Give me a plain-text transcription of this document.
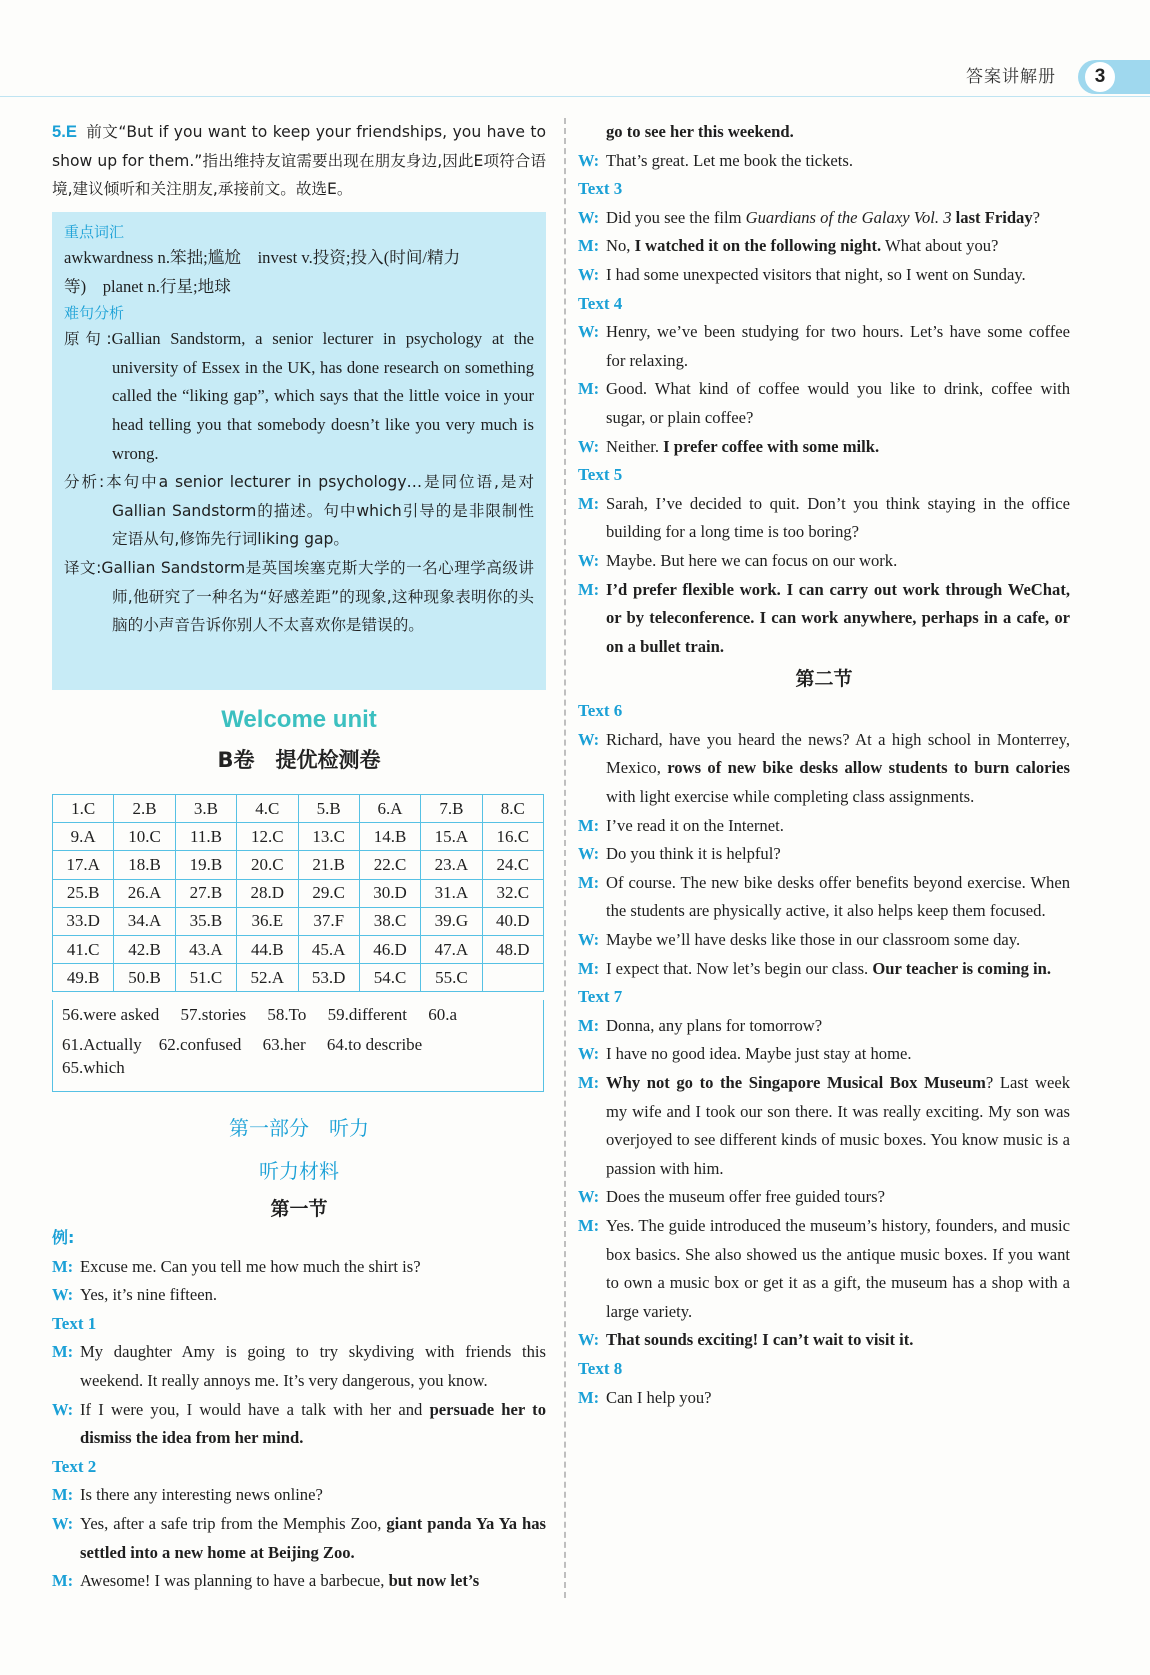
答案讲解册	3

5.E 前文“But if you want to keep your friendships, you have to show up for them.”指出维持友谊需要出现在朋友身边,因此E项符合语境,建议倾听和关注朋友,承接前文。故选E。

重点词汇
awkwardness n.笨拙;尴尬　invest v.投资;投入(时间/精力
等)　planet n.行星;地球
难句分析
原句:Gallian Sandstorm, a senior lecturer in psychology at the university of Essex in the UK, has done research on something called the “liking gap”, which says that the little voice in your head telling you that somebody doesn’t like you very much is wrong.
分析:本句中a senior lecturer in psychology…是同位语,是对Gallian Sandstorm的描述。句中which引导的是非限制性定语从句,修饰先行词liking gap。
译文:Gallian Sandstorm是英国埃塞克斯大学的一名心理学高级讲师,他研究了一种名为“好感差距”的现象,这种现象表明你的头脑的小声音告诉你别人不太喜欢你是错误的。
Welcome unit
B卷　提优检测卷
1.C	2.B	3.B	4.C	5.B	6.A	7.B	8.C
9.A	10.C	11.B	12.C	13.C	14.B	15.A	16.C
17.A	18.B	19.B	20.C	21.B	22.C	23.A	24.C
25.B	26.A	27.B	28.D	29.C	30.D	31.A	32.C
33.D	34.A	35.B	36.E	37.F	38.C	39.G	40.D
41.C	42.B	43.A	44.B	45.A	46.D	47.A	48.D
49.B	50.B	51.C	52.A	53.D	54.C	55.C	
56.were asked　 57.stories　 58.To　 59.different　 60.a
61.Actually　62.confused　 63.her　 64.to describe
65.which
第一部分　听力
听力材料
第一节
例:
M: Excuse me. Can you tell me how much the shirt is?
W: Yes, it’s nine fifteen.
Text 1
M: My daughter Amy is going to try skydiving with friends this weekend. It really annoys me. It’s very dangerous, you know.
W: If I were you, I would have a talk with her and persuade her to dismiss the idea from her mind.
Text 2
M: Is there any interesting news online?
W: Yes, after a safe trip from the Memphis Zoo, giant panda Ya Ya has settled into a new home at Beijing Zoo.
M: Awesome! I was planning to have a barbecue, but now let’s
go to see her this weekend.
W: That’s great. Let me book the tickets.
Text 3
W: Did you see the film Guardians of the Galaxy Vol. 3 last Friday?
M: No, I watched it on the following night. What about you?
W: I had some unexpected visitors that night, so I went on Sunday.
Text 4
W: Henry, we’ve been studying for two hours. Let’s have some coffee for relaxing.
M: Good. What kind of coffee would you like to drink, coffee with sugar, or plain coffee?
W: Neither. I prefer coffee with some milk.
Text 5
M: Sarah, I’ve decided to quit. Don’t you think staying in the office building for a long time is too boring?
W: Maybe. But here we can focus on our work.
M: I’d prefer flexible work. I can carry out work through WeChat, or by teleconference. I can work anywhere, perhaps in a cafe, or on a bullet train.
第二节
Text 6
W: Richard, have you heard the news? At a high school in Monterrey, Mexico, rows of new bike desks allow students to burn calories with light exercise while completing class assignments.
M: I’ve read it on the Internet.
W: Do you think it is helpful?
M: Of course. The new bike desks offer benefits beyond exercise. When the students are physically active, it also helps keep them focused.
W: Maybe we’ll have desks like those in our classroom some day.
M: I expect that. Now let’s begin our class. Our teacher is coming in.
Text 7
M: Donna, any plans for tomorrow?
W: I have no good idea. Maybe just stay at home.
M: Why not go to the Singapore Musical Box Museum? Last week my wife and I took our son there. It was really exciting. My son was overjoyed to see different kinds of music boxes. You know music is a passion with him.
W: Does the museum offer free guided tours?
M: Yes. The guide introduced the museum’s history, founders, and music box basics. She also showed us the antique music boxes. If you want to own a music box or get it as a gift, the museum has a shop with a large variety.
W: That sounds exciting! I can’t wait to visit it.
Text 8
M: Can I help you?
